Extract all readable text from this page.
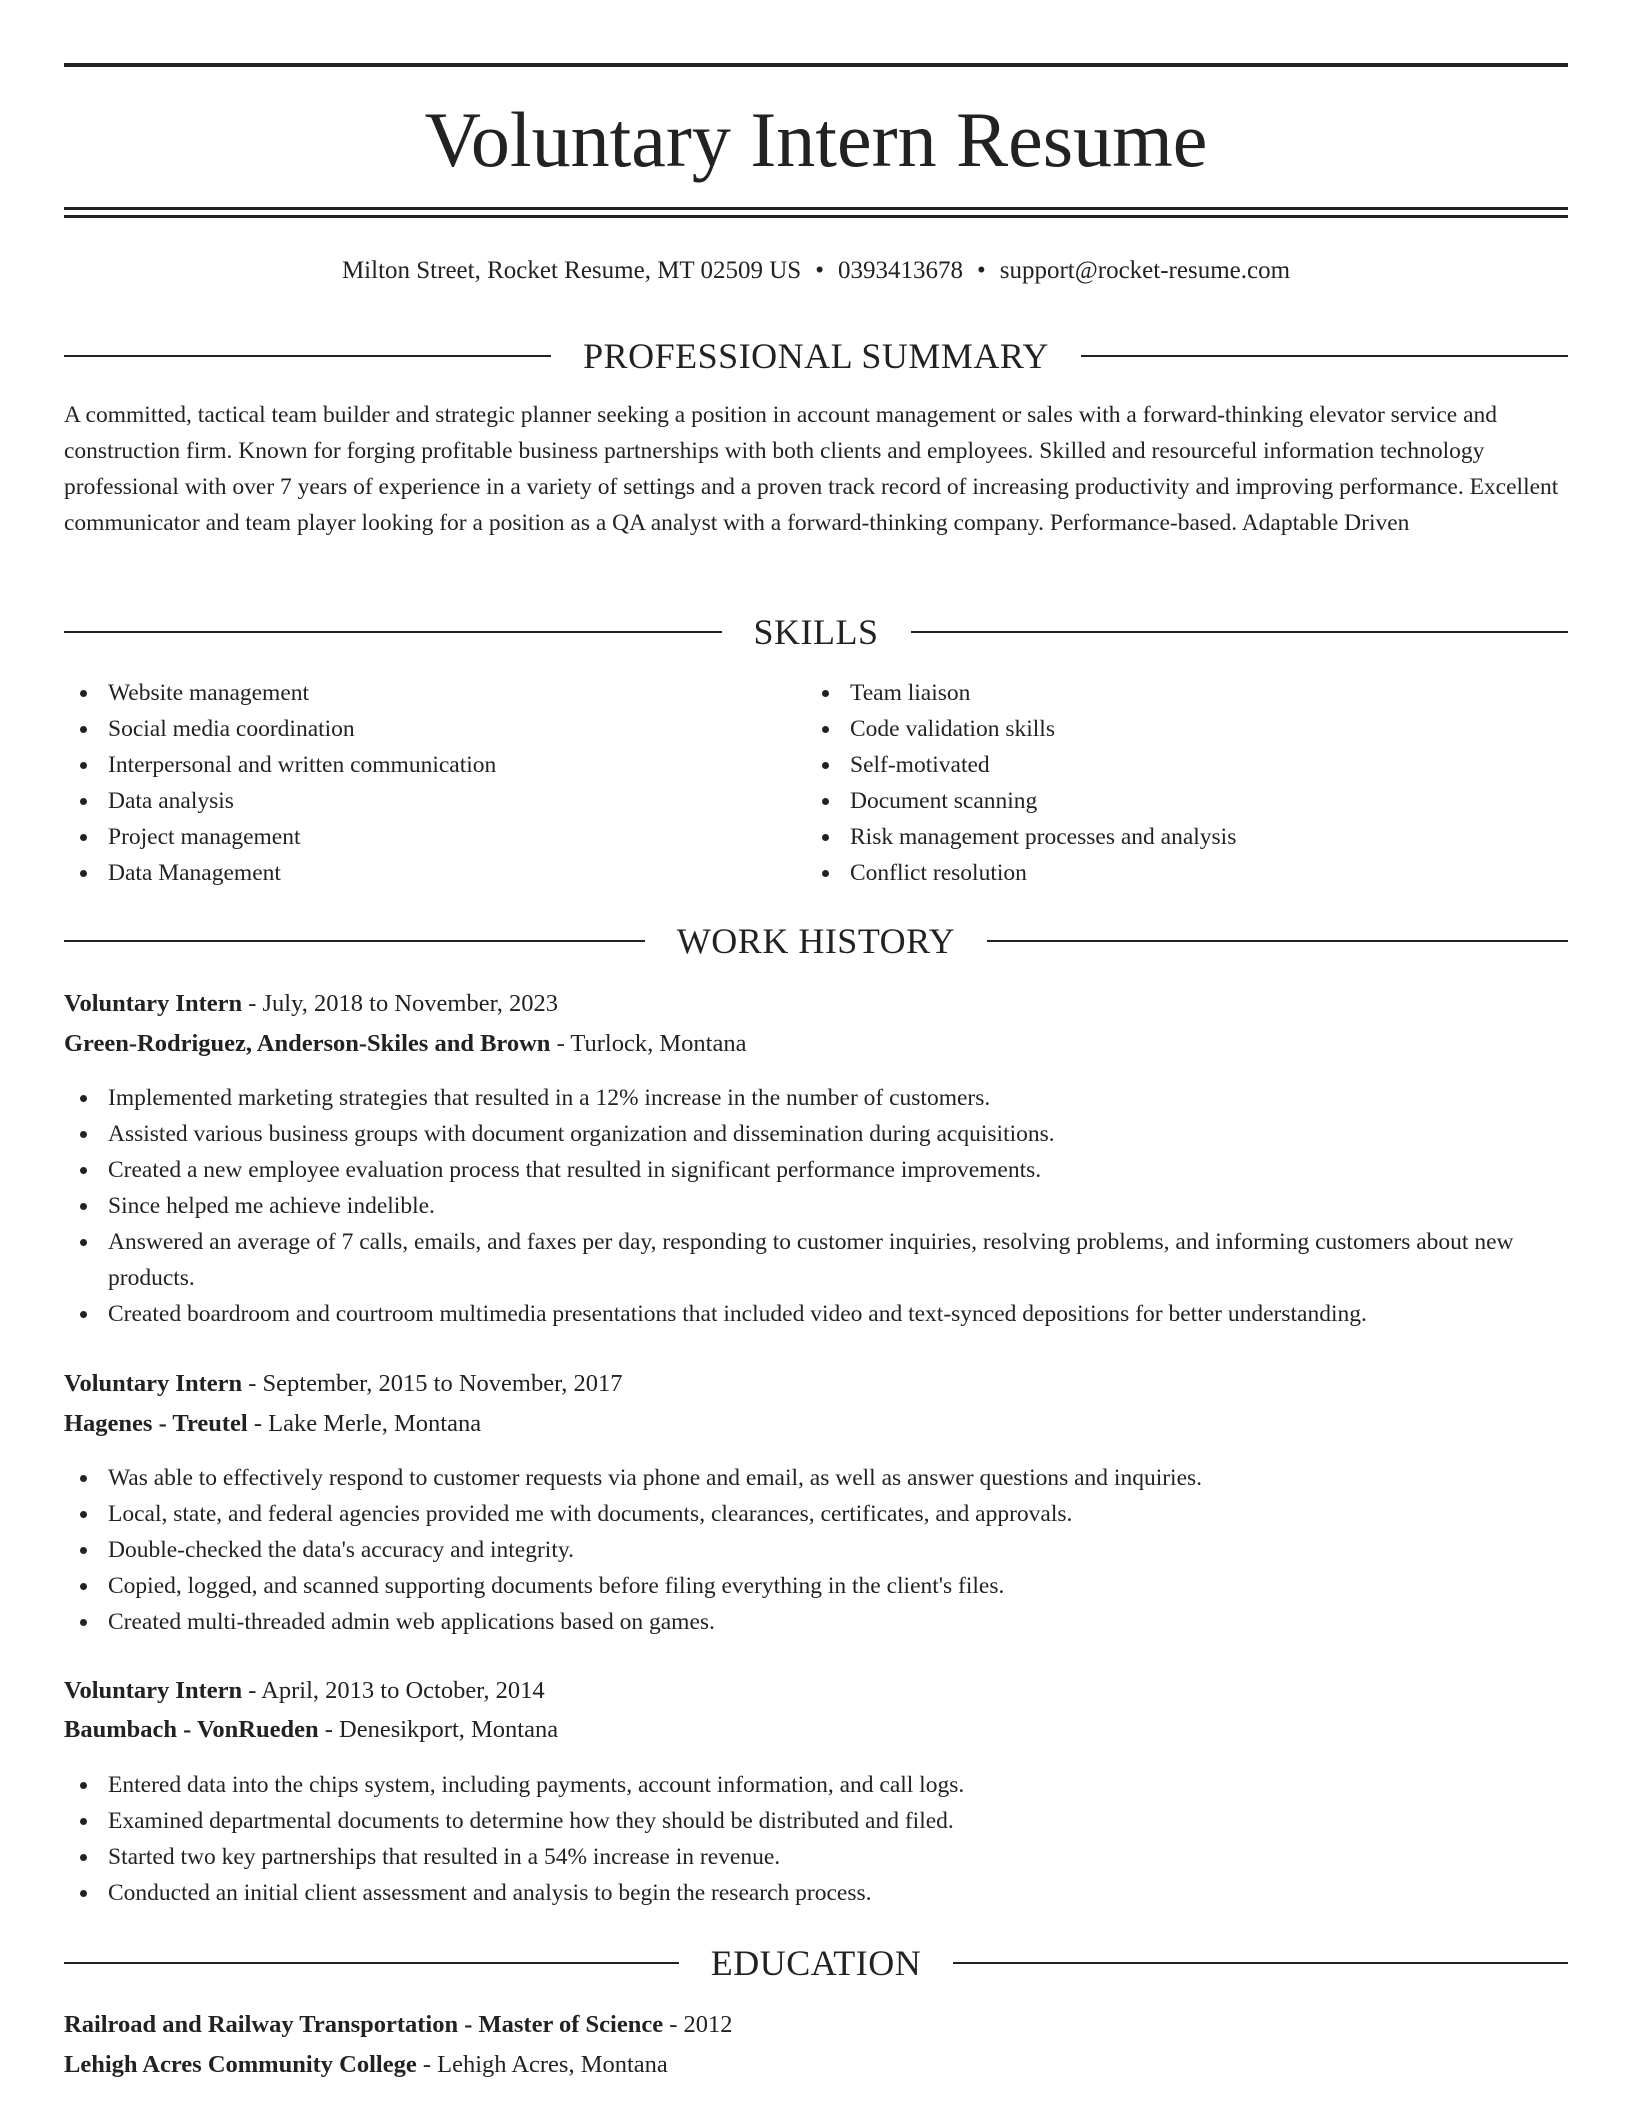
Voluntary Intern Resume
Milton Street, Rocket Resume, MT 02509 US • 0393413678 • support@rocket-resume.com
PROFESSIONAL SUMMARY

A committed, tactical team builder and strategic planner seeking a position in account management or sales with a forward-thinking elevator service and construction firm. Known for forging profitable business partnerships with both clients and employees. Skilled and resourceful information technology professional with over 7 years of experience in a variety of settings and a proven track record of increasing productivity and improving performance. Excellent communicator and team player looking for a position as a QA analyst with a forward-thinking company. Performance-based. Adaptable Driven

SKILLS
Website management
Social media coordination
Interpersonal and written communication
Data analysis
Project management
Data Management
Team liaison
Code validation skills
Self-motivated
Document scanning
Risk management processes and analysis
Conflict resolution
WORK HISTORY
Voluntary Intern - July, 2018 to November, 2023
Green-Rodriguez, Anderson-Skiles and Brown - Turlock, Montana
Implemented marketing strategies that resulted in a 12% increase in the number of customers.
Assisted various business groups with document organization and dissemination during acquisitions.
Created a new employee evaluation process that resulted in significant performance improvements.
Since helped me achieve indelible.
Answered an average of 7 calls, emails, and faxes per day, responding to customer inquiries, resolving problems, and informing customers about new products.
Created boardroom and courtroom multimedia presentations that included video and text-synced depositions for better understanding.
Voluntary Intern - September, 2015 to November, 2017
Hagenes - Treutel - Lake Merle, Montana
Was able to effectively respond to customer requests via phone and email, as well as answer questions and inquiries.
Local, state, and federal agencies provided me with documents, clearances, certificates, and approvals.
Double-checked the data's accuracy and integrity.
Copied, logged, and scanned supporting documents before filing everything in the client's files.
Created multi-threaded admin web applications based on games.
Voluntary Intern - April, 2013 to October, 2014
Baumbach - VonRueden - Denesikport, Montana
Entered data into the chips system, including payments, account information, and call logs.
Examined departmental documents to determine how they should be distributed and filed.
Started two key partnerships that resulted in a 54% increase in revenue.
Conducted an initial client assessment and analysis to begin the research process.
EDUCATION
Railroad and Railway Transportation - Master of Science - 2012
Lehigh Acres Community College - Lehigh Acres, Montana
